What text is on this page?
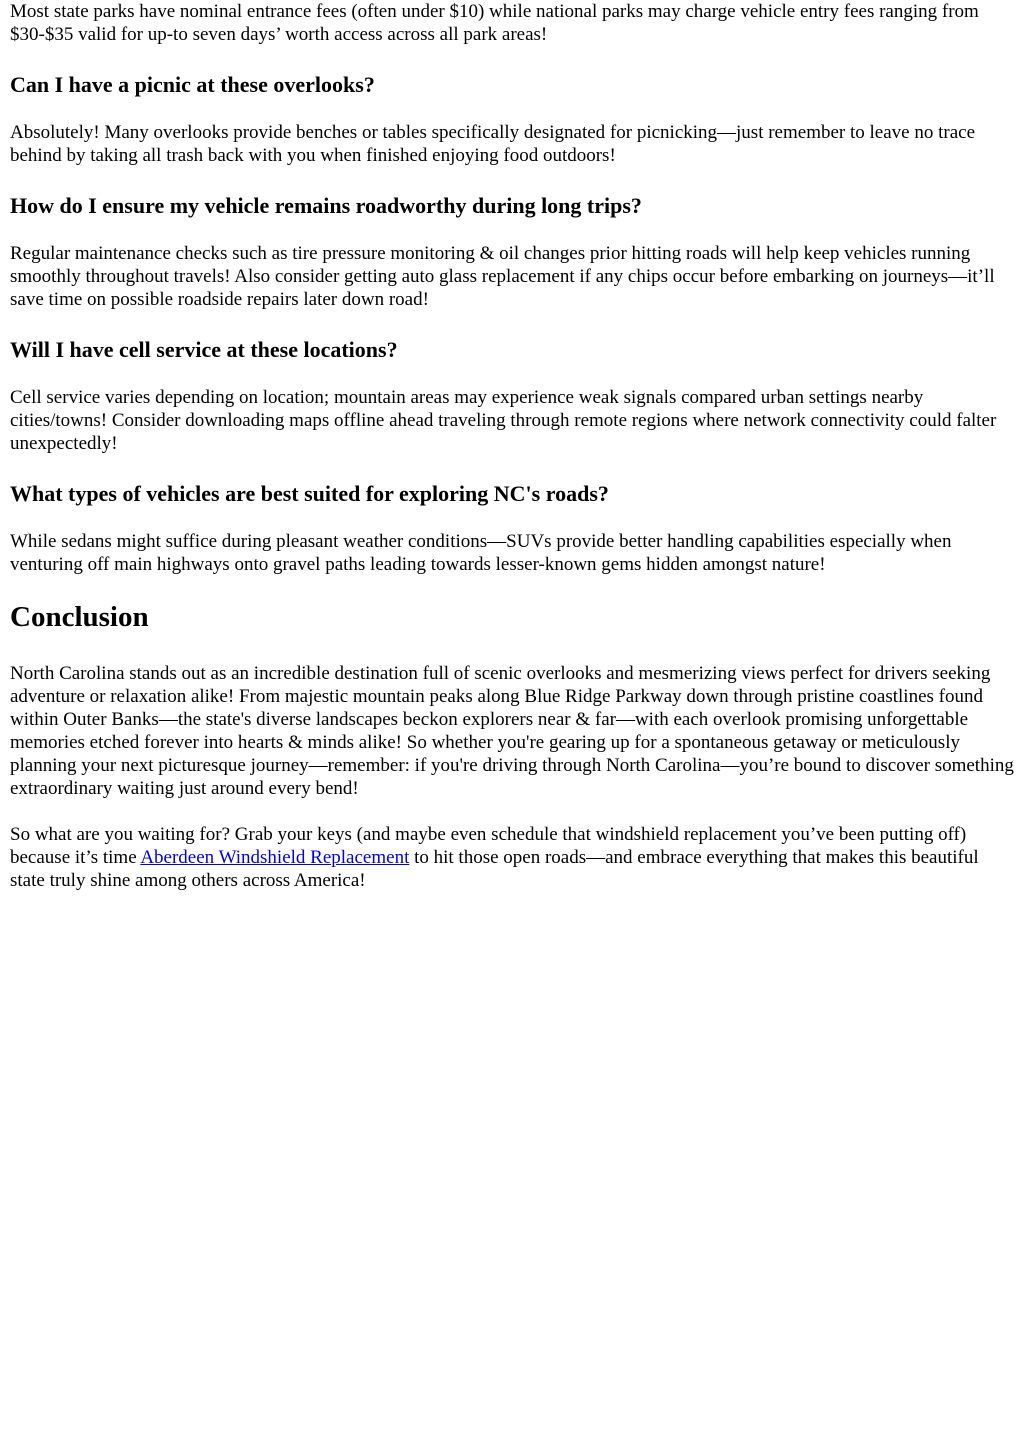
Most state parks have nominal entrance fees (often under $10) while national parks may charge vehicle entry fees ranging from $30-$35 valid for up-to seven days’ worth access across all park areas!

Can I have a picnic at these overlooks?

Absolutely! Many overlooks provide benches or tables specifically designated for picnicking—just remember to leave no trace behind by taking all trash back with you when finished enjoying food outdoors!

How do I ensure my vehicle remains roadworthy during long trips?

Regular maintenance checks such as tire pressure monitoring & oil changes prior hitting roads will help keep vehicles running smoothly throughout travels! Also consider getting auto glass replacement if any chips occur before embarking on journeys—it’ll save time on possible roadside repairs later down road!

Will I have cell service at these locations?

Cell service varies depending on location; mountain areas may experience weak signals compared urban settings nearby cities/towns! Consider downloading maps offline ahead traveling through remote regions where network connectivity could falter unexpectedly!

What types of vehicles are best suited for exploring NC's roads?

While sedans might suffice during pleasant weather conditions—SUVs provide better handling capabilities especially when venturing off main highways onto gravel paths leading towards lesser-known gems hidden amongst nature!

Conclusion

North Carolina stands out as an incredible destination full of scenic overlooks and mesmerizing views perfect for drivers seeking adventure or relaxation alike! From majestic mountain peaks along Blue Ridge Parkway down through pristine coastlines found within Outer Banks—the state's diverse landscapes beckon explorers near & far—with each overlook promising unforgettable memories etched forever into hearts & minds alike! So whether you're gearing up for a spontaneous getaway or meticulously planning your next picturesque journey—remember: if you're driving through North Carolina—you’re bound to discover something extraordinary waiting just around every bend!

So what are you waiting for? Grab your keys (and maybe even schedule that windshield replacement you’ve been putting off) because it’s time Aberdeen Windshield Replacement to hit those open roads—and embrace everything that makes this beautiful state truly shine among others across America!
